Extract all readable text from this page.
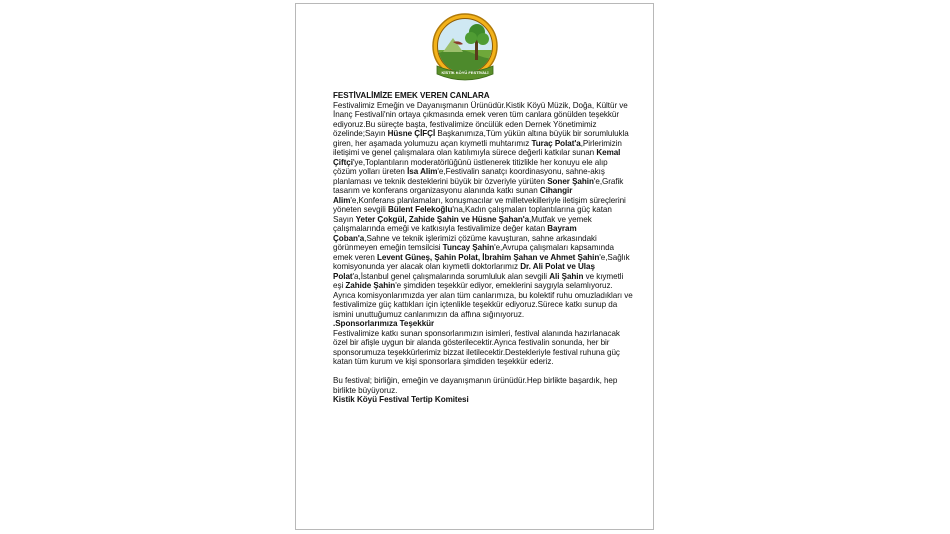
KİSTİK KÖYÜ FESTİVALİ

FESTİVALİMİZE EMEK VEREN CANLARA

Festivalimiz Emeğin ve Dayanışmanın Ürünüdür.Kistik Köyü Müzik, Doğa, Kültür ve İnanç Festivali'nin ortaya çıkmasında emek veren tüm canlara gönülden teşekkür ediyoruz.Bu süreçte başta, festivalimize öncülük eden Dernek Yönetimimiz özelinde;Sayın Hüsne ÇİFÇİ Başkanımıza,Tüm yükün altına büyük bir sorumlulukla giren, her aşamada yolumuzu açan kıymetli muhtarımız Turaç Polat'a,Pirlerimizin iletişimi ve genel çalışmalara olan katılımıyla sürece değerli katkılar sunan Kemal Çiftçi'ye,Toplantıların moderatörlüğünü üstlenerek titizlikle her konuyu ele alıp çözüm yolları üreten İsa Alim'e,Festivalin sanatçı koordinasyonu, sahne-akış planlaması ve teknik desteklerini büyük bir özveriyle yürüten Soner Şahin'e,Grafik tasarım ve konferans organizasyonu alanında katkı sunan Cihangir Alim'e,Konferans planlamaları, konuşmacılar ve milletvekilleriyle iletişim süreçlerini yöneten sevgili Bülent Felekoğlu'na,Kadın çalışmaları toplantılarına güç katan Sayın Yeter Çokgül, Zahide Şahin ve Hüsne Şahan'a,Mutfak ve yemek çalışmalarında emeği ve katkısıyla festivalimize değer katan Bayram Çoban'a,Sahne ve teknik işlerimizi çözüme kavuşturan, sahne arkasındaki görünmeyen emeğin temsilcisi Tuncay Şahin'e,Avrupa çalışmaları kapsamında emek veren Levent Güneş, Şahin Polat, İbrahim Şahan ve Ahmet Şahin'e,Sağlık komisyonunda yer alacak olan kıymetli doktorlarımız Dr. Ali Polat ve Ulaş Polat'a,İstanbul genel çalışmalarında sorumluluk alan sevgili Ali Şahin ve kıymetli eşi Zahide Şahin'e şimdiden teşekkür ediyor, emeklerini saygıyla selamlıyoruz.

Ayrıca komisyonlarımızda yer alan tüm canlarımıza, bu kolektif ruhu omuzladıkları ve festivalimize güç kattıkları için içtenlikle teşekkür ediyoruz.Sürece katkı sunup da ismini unuttuğumuz canlarımızın da affına sığınıyoruz.

.Sponsorlarımıza Teşekkür

Festivalimize katkı sunan sponsorlarımızın isimleri, festival alanında hazırlanacak özel bir afişle uygun bir alanda gösterilecektir.Ayrıca festivalin sonunda, her bir sponsorumuza teşekkürlerimiz bizzat iletilecektir.Destekleriyle festival ruhuna güç katan tüm kurum ve kişi sponsorlara şimdiden teşekkür ederiz.

Bu festival; birliğin, emeğin ve dayanışmanın ürünüdür.Hep birlikte başardık, hep birlikte büyüyoruz.

Kistik Köyü Festival Tertip Komitesi
